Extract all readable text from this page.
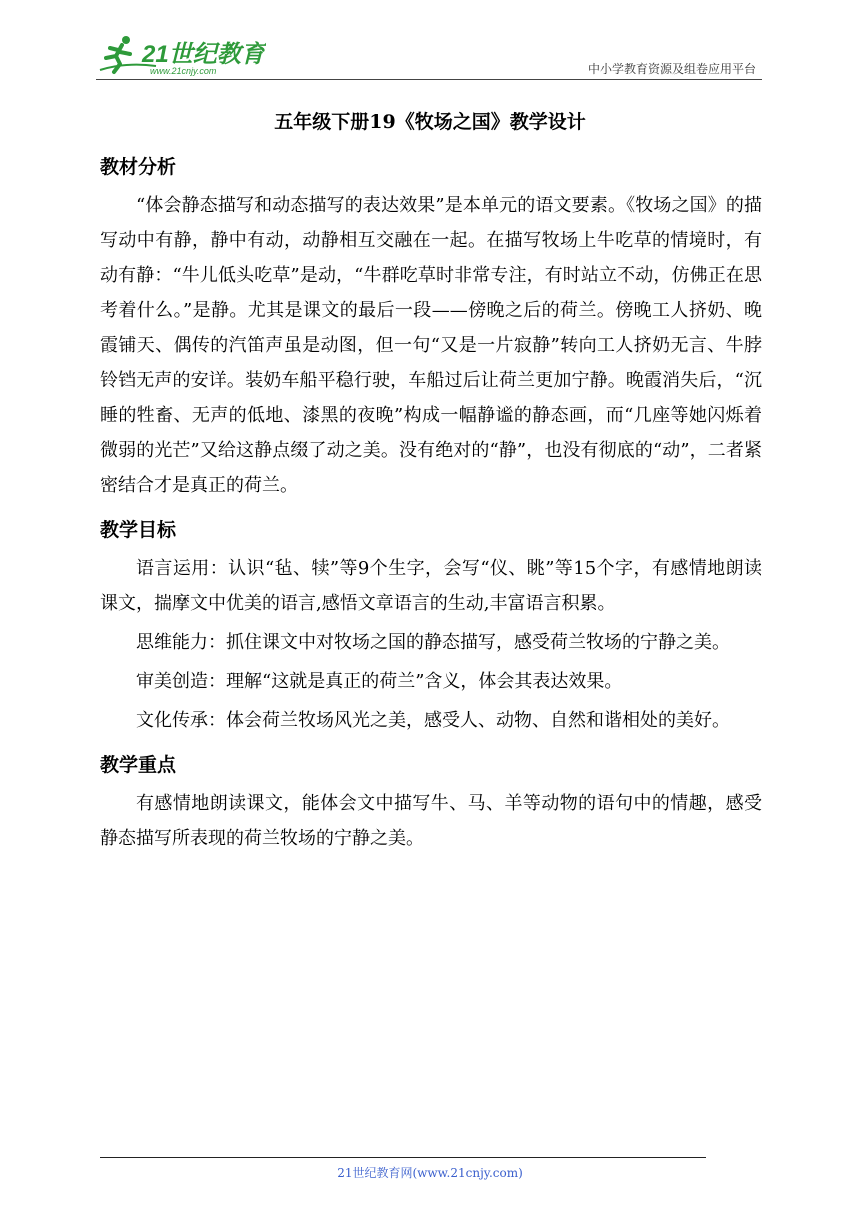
21世纪教育
www.21cnjy.com	中小学教育资源及组卷应用平台
五年级下册19《牧场之国》教学设计
教材分析

“体会静态描写和动态描写的表达效果”是本单元的语文要素。《牧场之国》的描写动中有静，静中有动，动静相互交融在一起。在描写牧场上牛吃草的情境时，有动有静：“牛儿低头吃草”是动，“牛群吃草时非常专注，有时站立不动，仿佛正在思考着什么。”是静。尤其是课文的最后一段——傍晚之后的荷兰。傍晚工人挤奶、晚霞铺天、偶传的汽笛声虽是动图，但一句“又是一片寂静”转向工人挤奶无言、牛脖铃铛无声的安详。装奶车船平稳行驶，车船过后让荷兰更加宁静。晚霞消失后，“沉睡的牲畜、无声的低地、漆黑的夜晚”构成一幅静谧的静态画，而“几座等她闪烁着微弱的光芒”又给这静点缀了动之美。没有绝对的“静”，也没有彻底的“动”，二者紧密结合才是真正的荷兰。

教学目标

语言运用：认识“毡、犊”等9个生字，会写“仪、眺”等15个字，有感情地朗读课文，揣摩文中优美的语言,感悟文章语言的生动,丰富语言积累。

思维能力：抓住课文中对牧场之国的静态描写，感受荷兰牧场的宁静之美。

审美创造：理解“这就是真正的荷兰”含义，体会其表达效果。

文化传承：体会荷兰牧场风光之美，感受人、动物、自然和谐相处的美好。

教学重点

有感情地朗读课文，能体会文中描写牛、马、羊等动物的语句中的情趣，感受静态描写所表现的荷兰牧场的宁静之美。

21世纪教育网(www.21cnjy.com)
